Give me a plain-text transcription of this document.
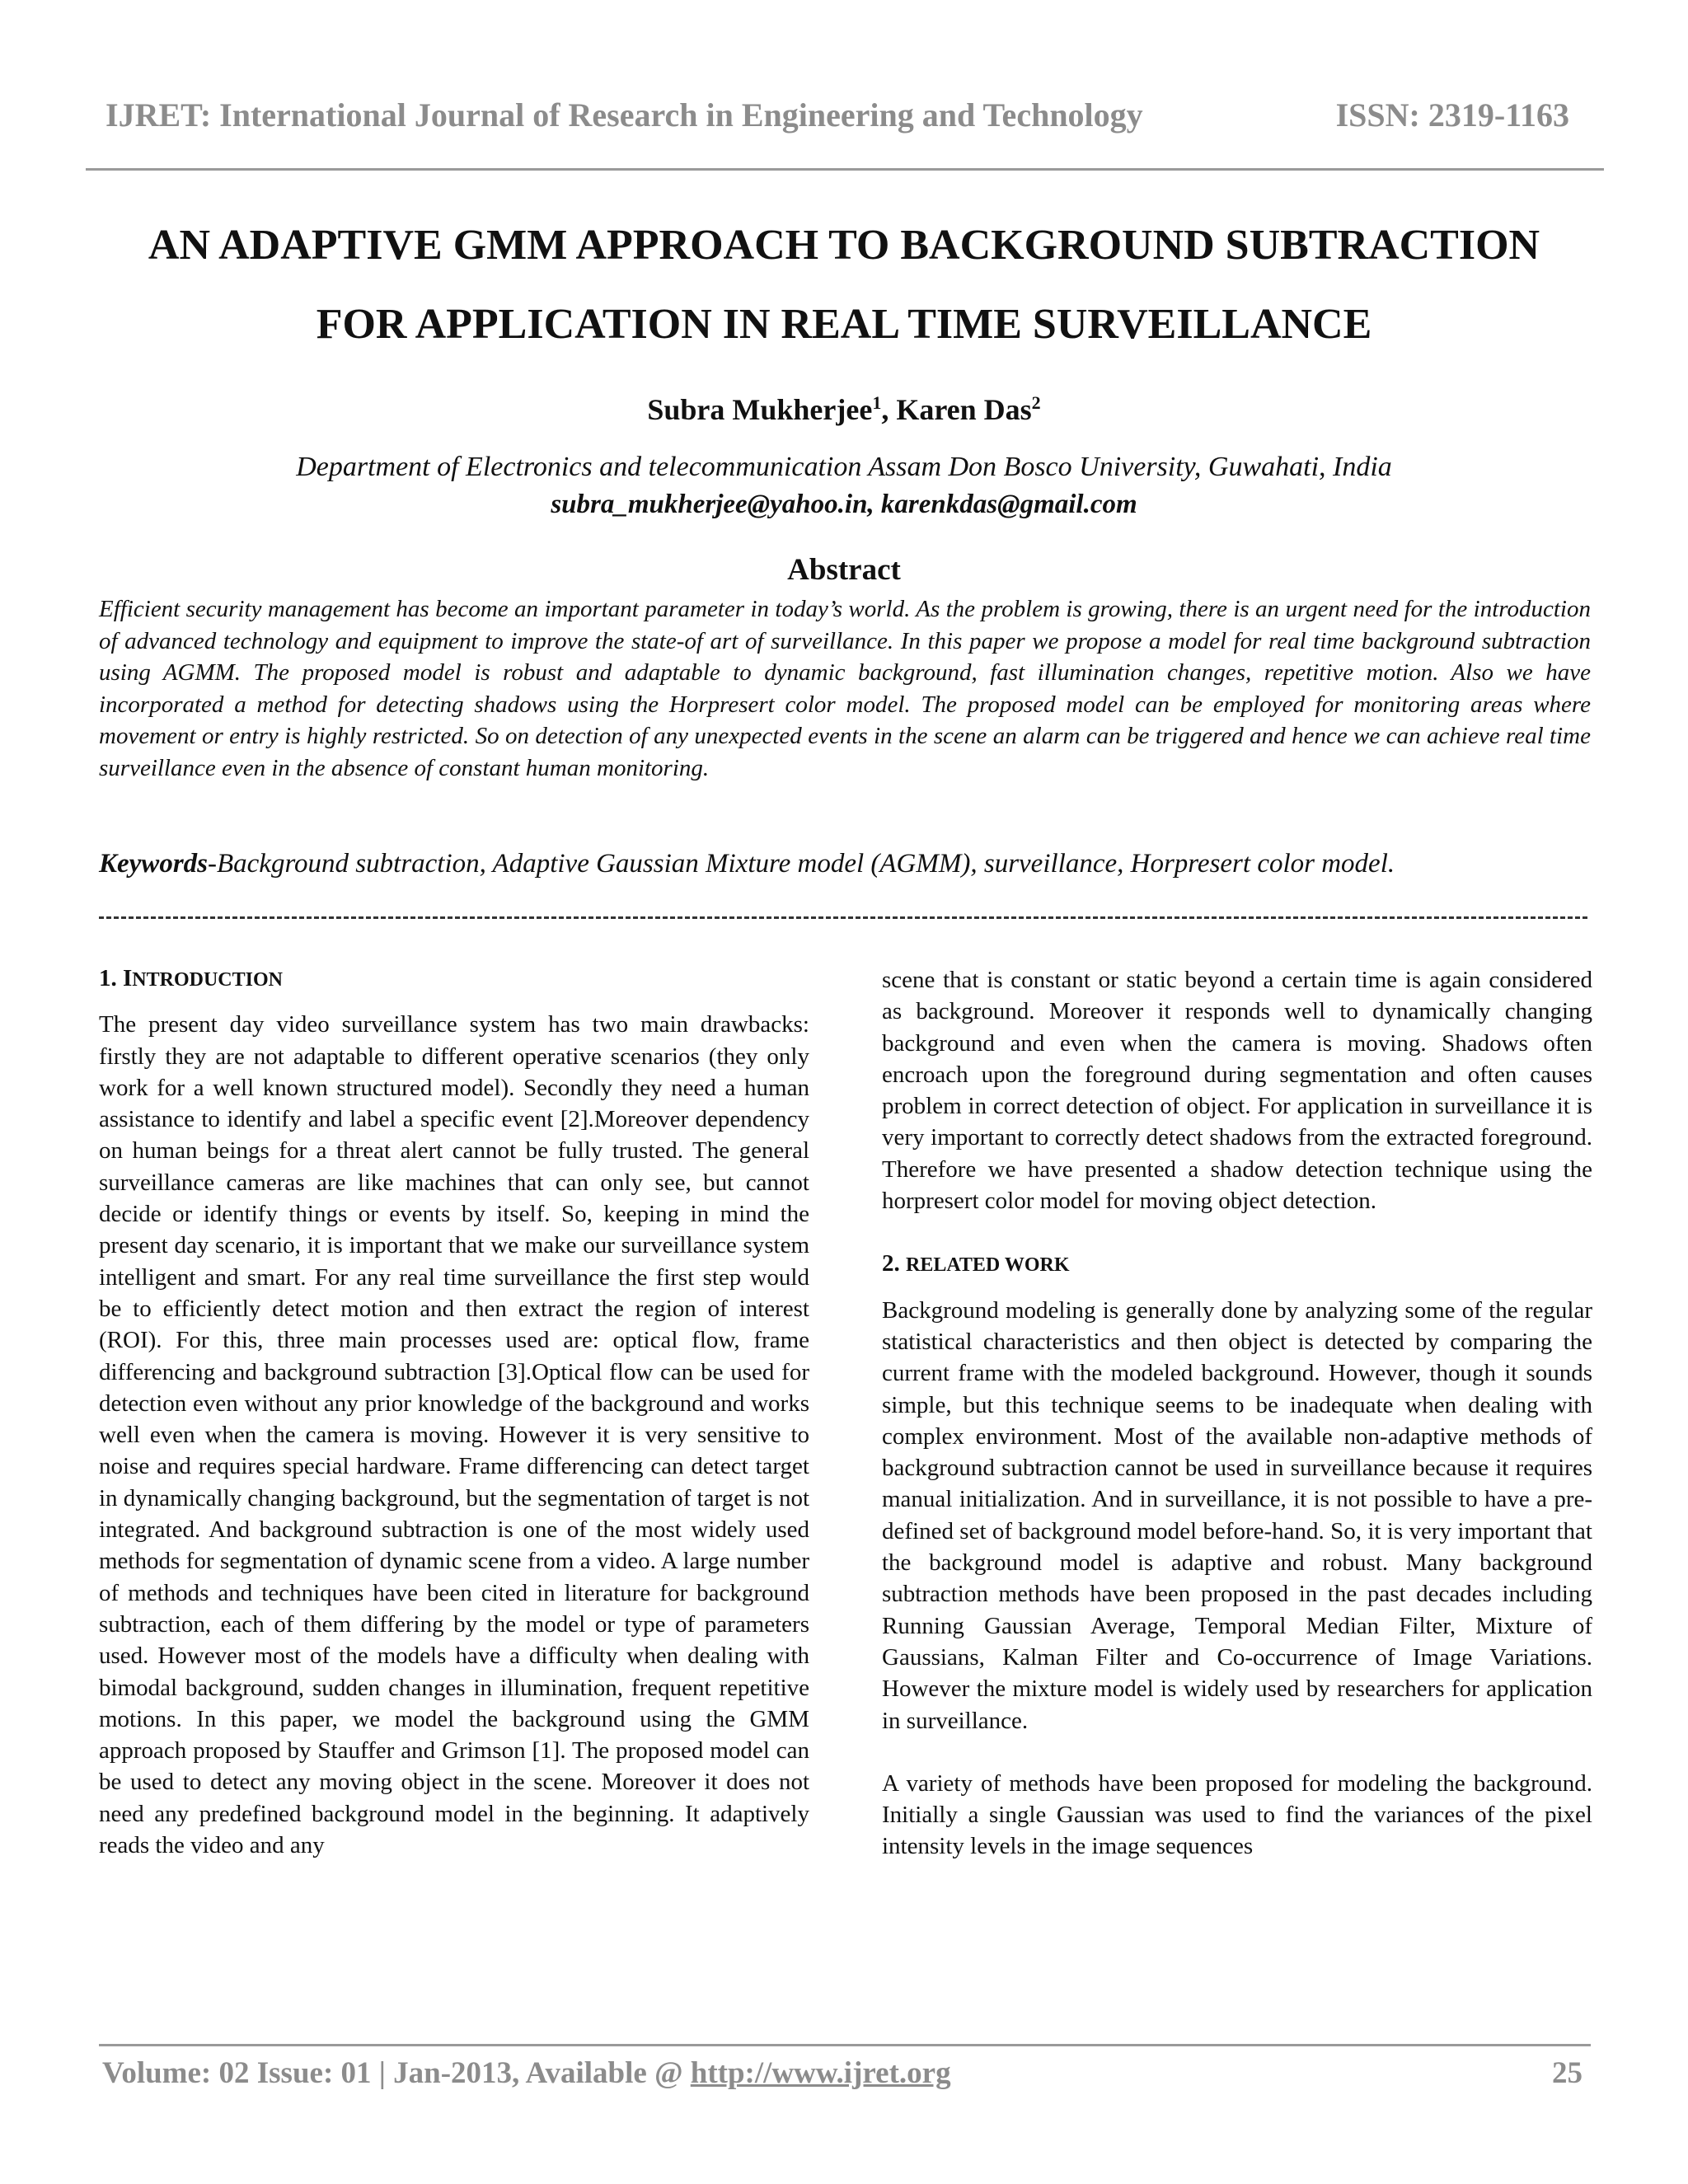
IJRET: International Journal of Research in Engineering and Technology	ISSN: 2319-1163
AN ADAPTIVE GMM APPROACH TO BACKGROUND SUBTRACTION
FOR APPLICATION IN REAL TIME SURVEILLANCE
Subra Mukherjee$^1$, Karen Das$^2$
Department of Electronics and telecommunication Assam Don Bosco University, Guwahati, India
subra_mukherjee@yahoo.in, karenkdas@gmail.com
Abstract
Efficient security management has become an important parameter in today’s world. As the problem is growing, there is an urgent need for the introduction of advanced technology and equipment to improve the state-of art of surveillance. In this paper we propose a model for real time background subtraction using AGMM. The proposed model is robust and adaptable to dynamic background, fast illumination changes, repetitive motion. Also we have incorporated a method for detecting shadows using the Horpresert color model. The proposed model can be employed for monitoring areas where movement or entry is highly restricted. So on detection of any unexpected events in the scene an alarm can be triggered and hence we can achieve real time surveillance even in the absence of constant human monitoring.
Keywords-Background subtraction, Adaptive Gaussian Mixture model (AGMM), surveillance, Horpresert color model.
1. INTRODUCTION

The present day video surveillance system has two main drawbacks: firstly they are not adaptable to different operative scenarios (they only work for a well known structured model). Secondly they need a human assistance to identify and label a specific event [2].Moreover dependency on human beings for a threat alert cannot be fully trusted. The general surveillance cameras are like machines that can only see, but cannot decide or identify things or events by itself. So, keeping in mind the present day scenario, it is important that we make our surveillance system intelligent and smart. For any real time surveillance the first step would be to efficiently detect motion and then extract the region of interest (ROI). For this, three main processes used are: optical flow, frame differencing and background subtraction [3].Optical flow can be used for detection even without any prior knowledge of the background and works well even when the camera is moving. However it is very sensitive to noise and requires special hardware. Frame differencing can detect target in dynamically changing background, but the segmentation of target is not integrated. And background subtraction is one of the most widely used methods for segmentation of dynamic scene from a video. A large number of methods and techniques have been cited in literature for background subtraction, each of them differing by the model or type of parameters used. However most of the models have a difficulty when dealing with bimodal background, sudden changes in illumination, frequent repetitive motions. In this paper, we model the background using the GMM approach proposed by Stauffer and Grimson [1]. The proposed model can be used to detect any moving object in the scene. Moreover it does not need any predefined background model in the beginning. It adaptively reads the video and any

scene that is constant or static beyond a certain time is again considered as background. Moreover it responds well to dynamically changing background and even when the camera is moving. Shadows often encroach upon the foreground during segmentation and often causes problem in correct detection of object. For application in surveillance it is very important to correctly detect shadows from the extracted foreground. Therefore we have presented a shadow detection technique using the horpresert color model for moving object detection.

2. RELATED WORK

Background modeling is generally done by analyzing some of the regular statistical characteristics and then object is detected by comparing the current frame with the modeled background. However, though it sounds simple, but this technique seems to be inadequate when dealing with complex environment. Most of the available non-adaptive methods of background subtraction cannot be used in surveillance because it requires manual initialization. And in surveillance, it is not possible to have a pre-defined set of background model before-hand. So, it is very important that the background model is adaptive and robust. Many background subtraction methods have been proposed in the past decades including Running Gaussian Average, Temporal Median Filter, Mixture of Gaussians, Kalman Filter and Co-occurrence of Image Variations. However the mixture model is widely used by researchers for application in surveillance.

A variety of methods have been proposed for modeling the background. Initially a single Gaussian was used to find the variances of the pixel intensity levels in the image sequences

Volume: 02 Issue: 01 | Jan-2013, Available @ http://www.ijret.org	25
